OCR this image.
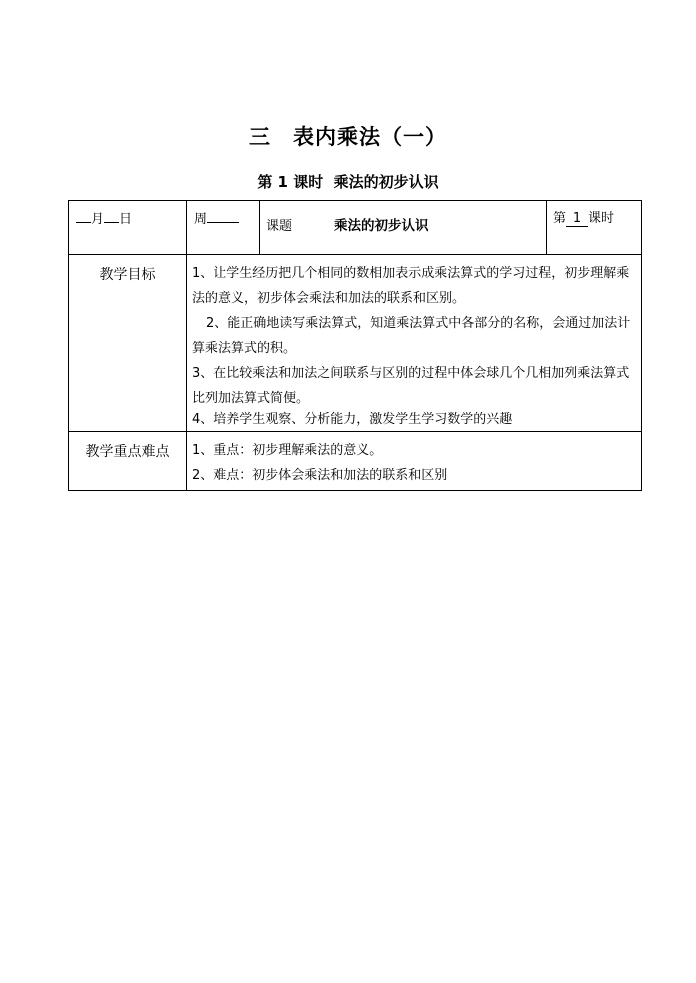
三　表内乘法（一）
第 1 课时 乘法的初步认识
月 日	周	课题 乘法的初步认识	第 1 课时
教学目标	1、让学生经历把几个相同的数相加表示成乘法算式的学习过程，初步理解乘法的意义，初步体会乘法和加法的联系和区别。

2、能正确地读写乘法算式，知道乘法算式中各部分的名称，会通过加法计算乘法算式的积。

3、在比较乘法和加法之间联系与区别的过程中体会球几个几相加列乘法算式比列加法算式简便。

4、培养学生观察、分析能力，激发学生学习数学的兴趣		

教学重点难点	1、重点：初步理解乘法的意义。

2、难点：初步体会乘法和加法的联系和区别		
